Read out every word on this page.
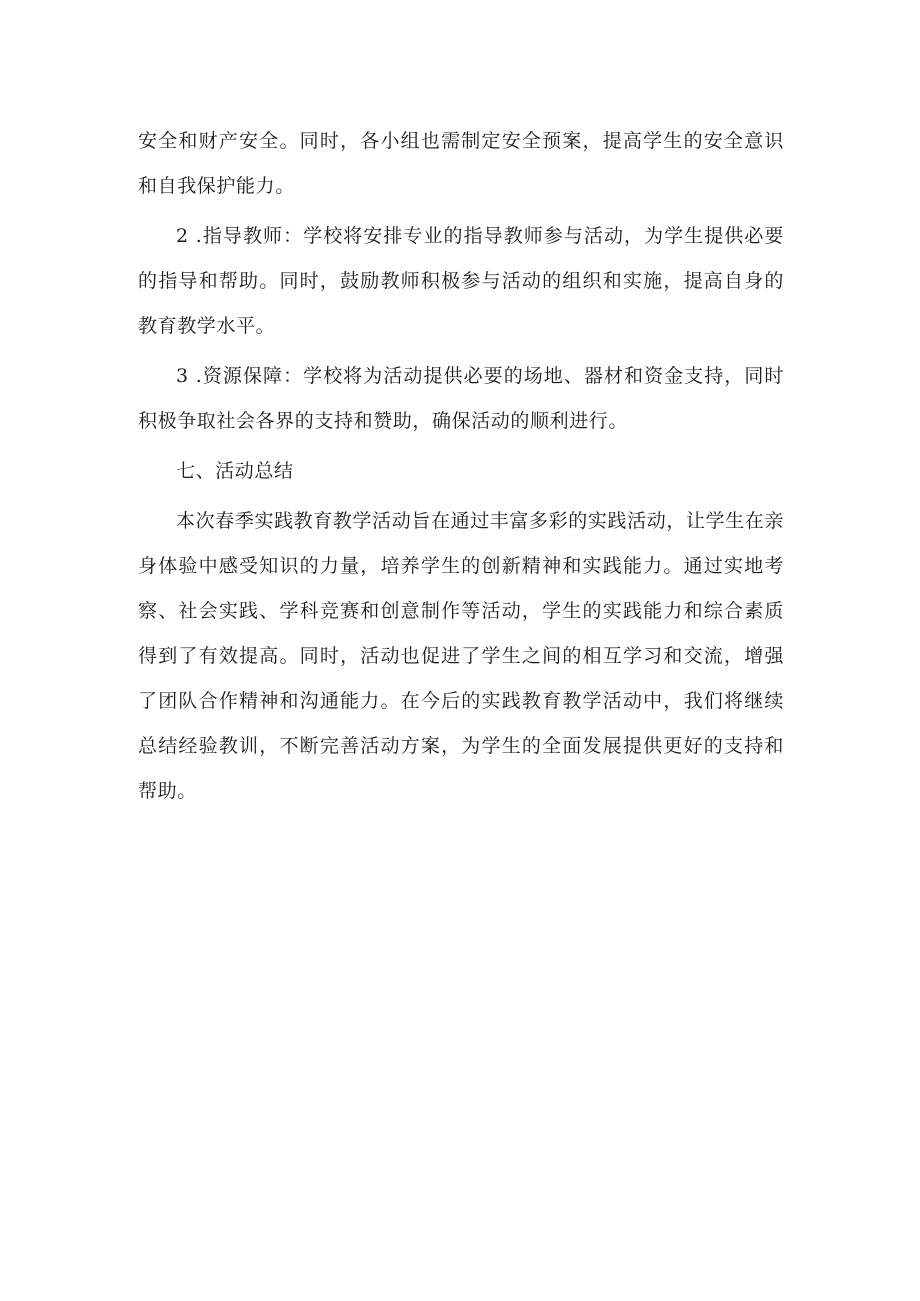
安全和财产安全。同时，各小组也需制定安全预案，提高学生的安全意识和自我保护能力。

2 .指导教师：学校将安排专业的指导教师参与活动，为学生提供必要的指导和帮助。同时，鼓励教师积极参与活动的组织和实施，提高自身的教育教学水平。

3 .资源保障：学校将为活动提供必要的场地、器材和资金支持，同时积极争取社会各界的支持和赞助，确保活动的顺利进行。

七、活动总结

本次春季实践教育教学活动旨在通过丰富多彩的实践活动，让学生在亲身体验中感受知识的力量，培养学生的创新精神和实践能力。通过实地考察、社会实践、学科竞赛和创意制作等活动，学生的实践能力和综合素质得到了有效提高。同时，活动也促进了学生之间的相互学习和交流，增强了团队合作精神和沟通能力。在今后的实践教育教学活动中，我们将继续总结经验教训，不断完善活动方案，为学生的全面发展提供更好的支持和帮助。
